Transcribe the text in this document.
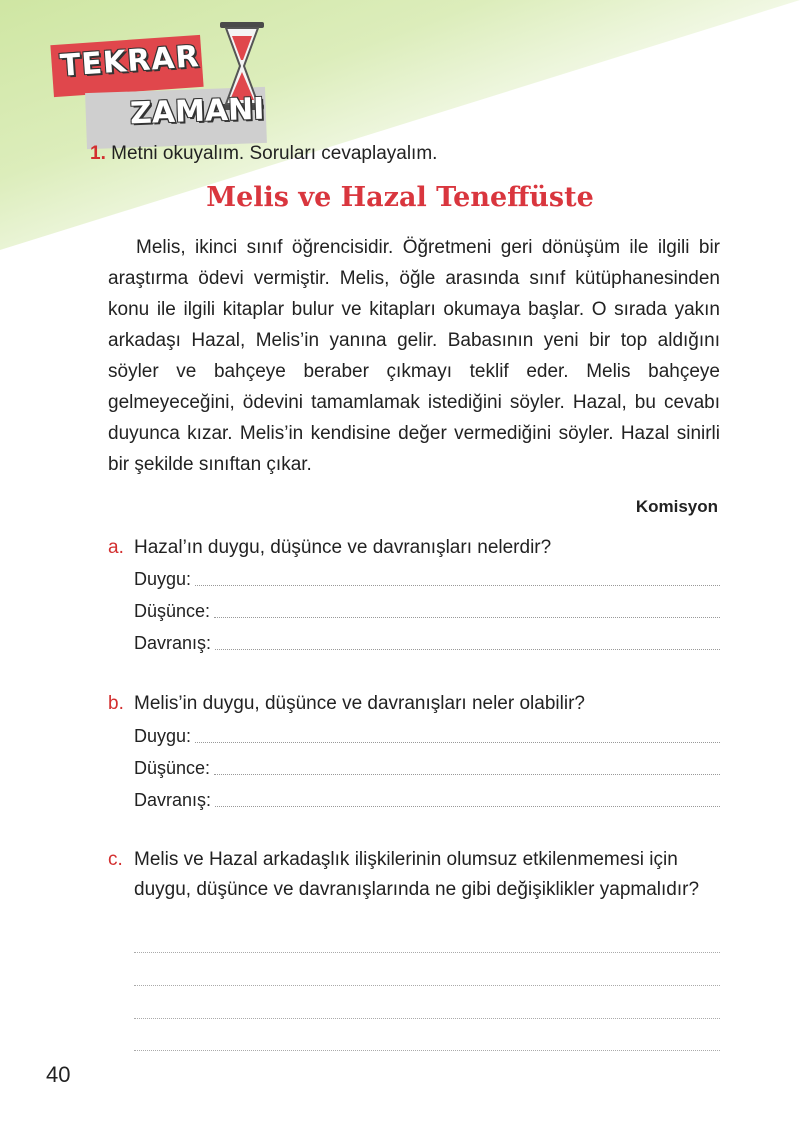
TEKRAR
ZAMANI
1. Metni okuyalım. Soruları cevaplayalım.
Melis ve Hazal Teneffüste
Melis, ikinci sınıf öğrencisidir. Öğretmeni geri dönüşüm ile ilgili bir araştırma ödevi vermiştir. Melis, öğle arasında sınıf kütüphanesinden konu ile ilgili kitaplar bulur ve kitapları okumaya başlar. O sırada yakın arkadaşı Hazal, Melis’in yanına gelir. Babasının yeni bir top aldığını söyler ve bahçeye beraber çıkmayı teklif eder. Melis bahçeye gelmeyeceğini, ödevini tamamlamak istediğini söyler. Hazal, bu cevabı duyunca kızar. Melis’in kendisine değer vermediğini söyler. Hazal sinirli bir şekilde sınıftan çıkar.
Komisyon
a. Hazal’ın duygu, düşünce ve davranışları nelerdir?
Duygu:
Düşünce:
Davranış:
b. Melis’in duygu, düşünce ve davranışları neler olabilir?
Duygu:
Düşünce:
Davranış:
c. Melis ve Hazal arkadaşlık ilişkilerinin olumsuz etkilenmemesi için duygu, düşünce ve davranışlarında ne gibi değişiklikler yapmalıdır?
40
